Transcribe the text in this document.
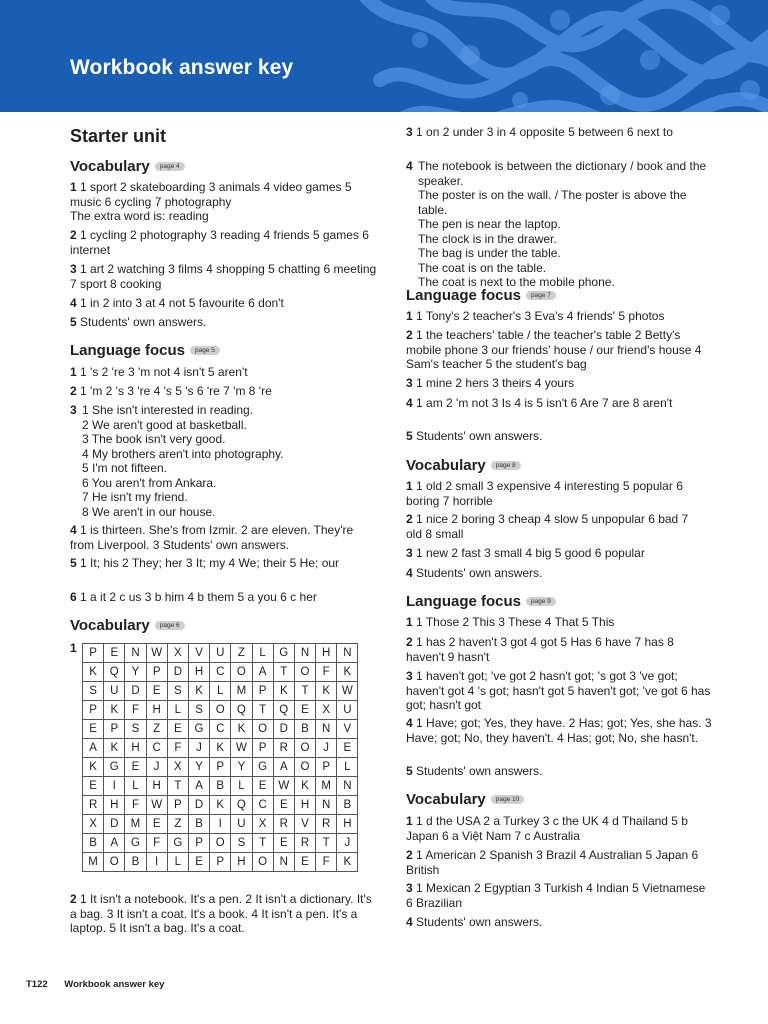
Workbook answer key
Starter unit
Vocabulary page 4
1 1 sport 2 skateboarding 3 animals 4 video games 5 music 6 cycling 7 photography
The extra word is: reading
2 1 cycling 2 photography 3 reading 4 friends 5 games 6 internet
3 1 art 2 watching 3 films 4 shopping 5 chatting 6 meeting 7 sport 8 cooking
4 1 in 2 into 3 at 4 not 5 favourite 6 don't
5 Students' own answers.
Language focus page 5
1 1 's 2 're 3 'm not 4 isn't 5 aren't
2 1 'm 2 's 3 're 4 's 5 's 6 're 7 'm 8 're
3 1 She isn't interested in reading.
2 We aren't good at basketball.
3 The book isn't very good.
4 My brothers aren't into photography.
5 I'm not fifteen.
6 You aren't from Ankara.
7 He isn't my friend.
8 We aren't in our house.
4 1 is thirteen. She's from Izmir. 2 are eleven. They're from Liverpool. 3 Students' own answers.
5 1 It; his 2 They; her 3 It; my 4 We; their 5 He; our
6 1 a it 2 c us 3 b him 4 b them 5 a you 6 c her
Vocabulary page 6
1 P	E	N	W	X	V	U	Z	L	G	N	H	N
K	Q	Y	P	D	H	C	O	A	T	O	F	K
S	U	D	E	S	K	L	M	P	K	T	K	W
P	K	F	H	L	S	O	Q	T	Q	E	X	U
E	P	S	Z	E	G	C	K	O	D	B	N	V
A	K	H	C	F	J	K	W	P	R	O	J	E
K	G	E	J	X	Y	P	Y	G	A	O	P	L
E	I	L	H	T	A	B	L	E	W	K	M	N
R	H	F	W	P	D	K	Q	C	E	H	N	B
X	D	M	E	Z	B	I	U	X	R	V	R	H
B	A	G	F	G	P	O	S	T	E	R	T	J
M	O	B	I	L	E	P	H	O	N	E	F	K
2 1 It isn't a notebook. It's a pen. 2 It isn't a dictionary. It's a bag. 3 It isn't a coat. It's a book. 4 It isn't a pen. It's a laptop. 5 It isn't a bag. It's a coat.
3 1 on 2 under 3 in 4 opposite 5 between 6 next to
4 The notebook is between the dictionary / book and the speaker.
The poster is on the wall. / The poster is above the table.
The pen is near the laptop.
The clock is in the drawer.
The bag is under the table.
The coat is on the table.
The coat is next to the mobile phone.
Language focus page 7
1 1 Tony's 2 teacher's 3 Eva's 4 friends' 5 photos
2 1 the teachers' table / the teacher's table 2 Betty's mobile phone 3 our friends' house / our friend's house 4 Sam's teacher 5 the student's bag
3 1 mine 2 hers 3 theirs 4 yours
4 1 am 2 'm not 3 Is 4 is 5 isn't 6 Are 7 are 8 aren't
5 Students' own answers.
Vocabulary page 8
1 1 old 2 small 3 expensive 4 interesting 5 popular 6 boring 7 horrible
2 1 nice 2 boring 3 cheap 4 slow 5 unpopular 6 bad 7 old 8 small
3 1 new 2 fast 3 small 4 big 5 good 6 popular
4 Students' own answers.
Language focus page 9
1 1 Those 2 This 3 These 4 That 5 This
2 1 has 2 haven't 3 got 4 got 5 Has 6 have 7 has 8 haven't 9 hasn't
3 1 haven't got; 've got 2 hasn't got; 's got 3 've got; haven't got 4 's got; hasn't got 5 haven't got; 've got 6 has got; hasn't got
4 1 Have; got; Yes, they have. 2 Has; got; Yes, she has. 3 Have; got; No, they haven't. 4 Has; got; No, she hasn't.
5 Students' own answers.
Vocabulary page 10
1 1 d the USA 2 a Turkey 3 c the UK 4 d Thailand 5 b Japan 6 a Việt Nam 7 c Australia
2 1 American 2 Spanish 3 Brazil 4 Australian 5 Japan 6 British
3 1 Mexican 2 Egyptian 3 Turkish 4 Indian 5 Vietnamese 6 Brazilian
4 Students' own answers.
T122 Workbook answer key
